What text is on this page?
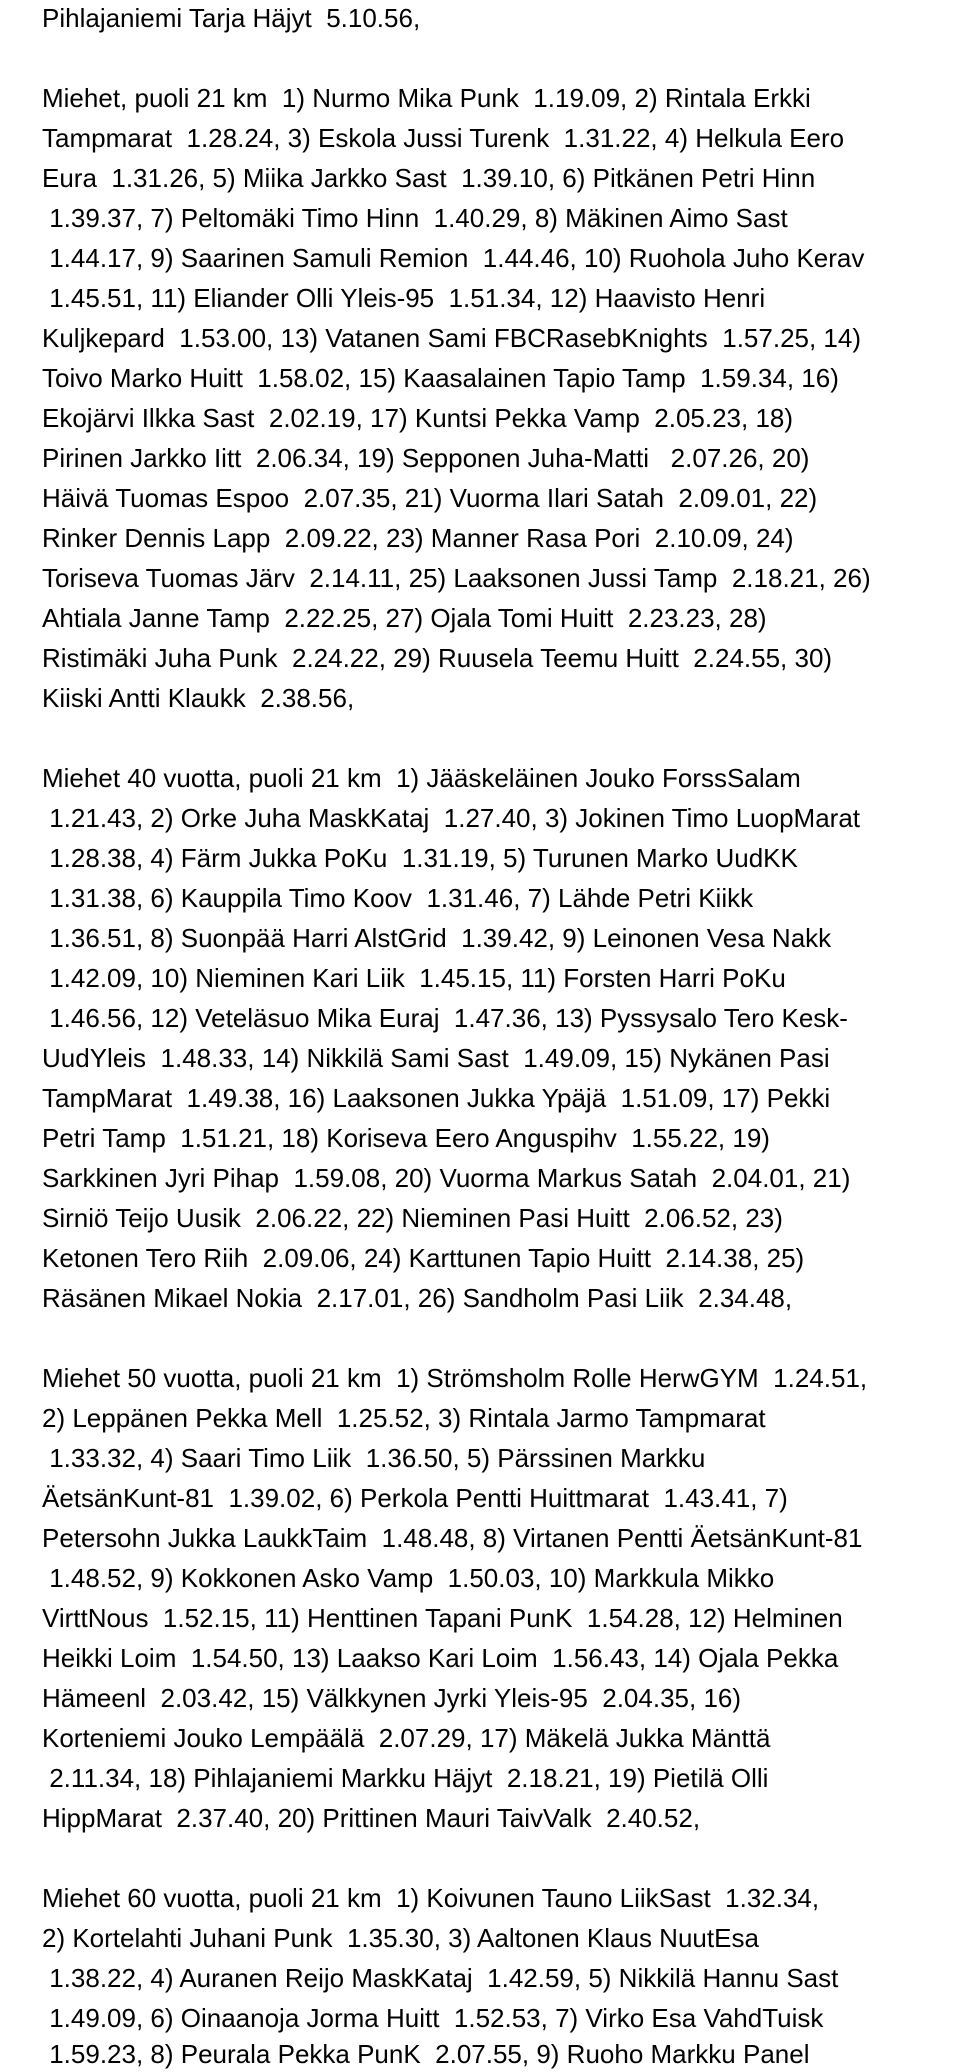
Pihlajaniemi Tarja Häjyt  5.10.56,
Miehet, puoli 21 km  1) Nurmo Mika Punk  1.19.09, 2) Rintala Erkki
Tampmarat  1.28.24, 3) Eskola Jussi Turenk  1.31.22, 4) Helkula Eero
Eura  1.31.26, 5) Miika Jarkko Sast  1.39.10, 6) Pitkänen Petri Hinn
1.39.37, 7) Peltomäki Timo Hinn  1.40.29, 8) Mäkinen Aimo Sast
1.44.17, 9) Saarinen Samuli Remion  1.44.46, 10) Ruohola Juho Kerav
1.45.51, 11) Eliander Olli Yleis-95  1.51.34, 12) Haavisto Henri
Kuljkepard  1.53.00, 13) Vatanen Sami FBCRasebKnights  1.57.25, 14)
Toivo Marko Huitt  1.58.02, 15) Kaasalainen Tapio Tamp  1.59.34, 16)
Ekojärvi Ilkka Sast  2.02.19, 17) Kuntsi Pekka Vamp  2.05.23, 18)
Pirinen Jarkko Iitt  2.06.34, 19) Sepponen Juha-Matti   2.07.26, 20)
Häivä Tuomas Espoo  2.07.35, 21) Vuorma Ilari Satah  2.09.01, 22)
Rinker Dennis Lapp  2.09.22, 23) Manner Rasa Pori  2.10.09, 24)
Toriseva Tuomas Järv  2.14.11, 25) Laaksonen Jussi Tamp  2.18.21, 26)
Ahtiala Janne Tamp  2.22.25, 27) Ojala Tomi Huitt  2.23.23, 28)
Ristimäki Juha Punk  2.24.22, 29) Ruusela Teemu Huitt  2.24.55, 30)
Kiiski Antti Klaukk  2.38.56,
Miehet 40 vuotta, puoli 21 km  1) Jääskeläinen Jouko ForssSalam
1.21.43, 2) Orke Juha MaskKataj  1.27.40, 3) Jokinen Timo LuopMarat
1.28.38, 4) Färm Jukka PoKu  1.31.19, 5) Turunen Marko UudKK
1.31.38, 6) Kauppila Timo Koov  1.31.46, 7) Lähde Petri Kiikk
1.36.51, 8) Suonpää Harri AlstGrid  1.39.42, 9) Leinonen Vesa Nakk
1.42.09, 10) Nieminen Kari Liik  1.45.15, 11) Forsten Harri PoKu
1.46.56, 12) Veteläsuo Mika Euraj  1.47.36, 13) Pyssysalo Tero Kesk-
UudYleis  1.48.33, 14) Nikkilä Sami Sast  1.49.09, 15) Nykänen Pasi
TampMarat  1.49.38, 16) Laaksonen Jukka Ypäjä  1.51.09, 17) Pekki
Petri Tamp  1.51.21, 18) Koriseva Eero Anguspihv  1.55.22, 19)
Sarkkinen Jyri Pihap  1.59.08, 20) Vuorma Markus Satah  2.04.01, 21)
Sirniö Teijo Uusik  2.06.22, 22) Nieminen Pasi Huitt  2.06.52, 23)
Ketonen Tero Riih  2.09.06, 24) Karttunen Tapio Huitt  2.14.38, 25)
Räsänen Mikael Nokia  2.17.01, 26) Sandholm Pasi Liik  2.34.48,
Miehet 50 vuotta, puoli 21 km  1) Strömsholm Rolle HerwGYM  1.24.51,
2) Leppänen Pekka Mell  1.25.52, 3) Rintala Jarmo Tampmarat
1.33.32, 4) Saari Timo Liik  1.36.50, 5) Pärssinen Markku
ÄetsänKunt-81  1.39.02, 6) Perkola Pentti Huittmarat  1.43.41, 7)
Petersohn Jukka LaukkTaim  1.48.48, 8) Virtanen Pentti ÄetsänKunt-81
1.48.52, 9) Kokkonen Asko Vamp  1.50.03, 10) Markkula Mikko
VirttNous  1.52.15, 11) Henttinen Tapani PunK  1.54.28, 12) Helminen
Heikki Loim  1.54.50, 13) Laakso Kari Loim  1.56.43, 14) Ojala Pekka
Hämeenl  2.03.42, 15) Välkkynen Jyrki Yleis-95  2.04.35, 16)
Korteniemi Jouko Lempäälä  2.07.29, 17) Mäkelä Jukka Mänttä
2.11.34, 18) Pihlajaniemi Markku Häjyt  2.18.21, 19) Pietilä Olli
HippMarat  2.37.40, 20) Prittinen Mauri TaivValk  2.40.52,
Miehet 60 vuotta, puoli 21 km  1) Koivunen Tauno LiikSast  1.32.34,
2) Kortelahti Juhani Punk  1.35.30, 3) Aaltonen Klaus NuutEsa
1.38.22, 4) Auranen Reijo MaskKataj  1.42.59, 5) Nikkilä Hannu Sast
1.49.09, 6) Oinaanoja Jorma Huitt  1.52.53, 7) Virko Esa VahdTuisk
1.59.23, 8) Peurala Pekka PunK  2.07.55, 9) Ruoho Markku Panel
